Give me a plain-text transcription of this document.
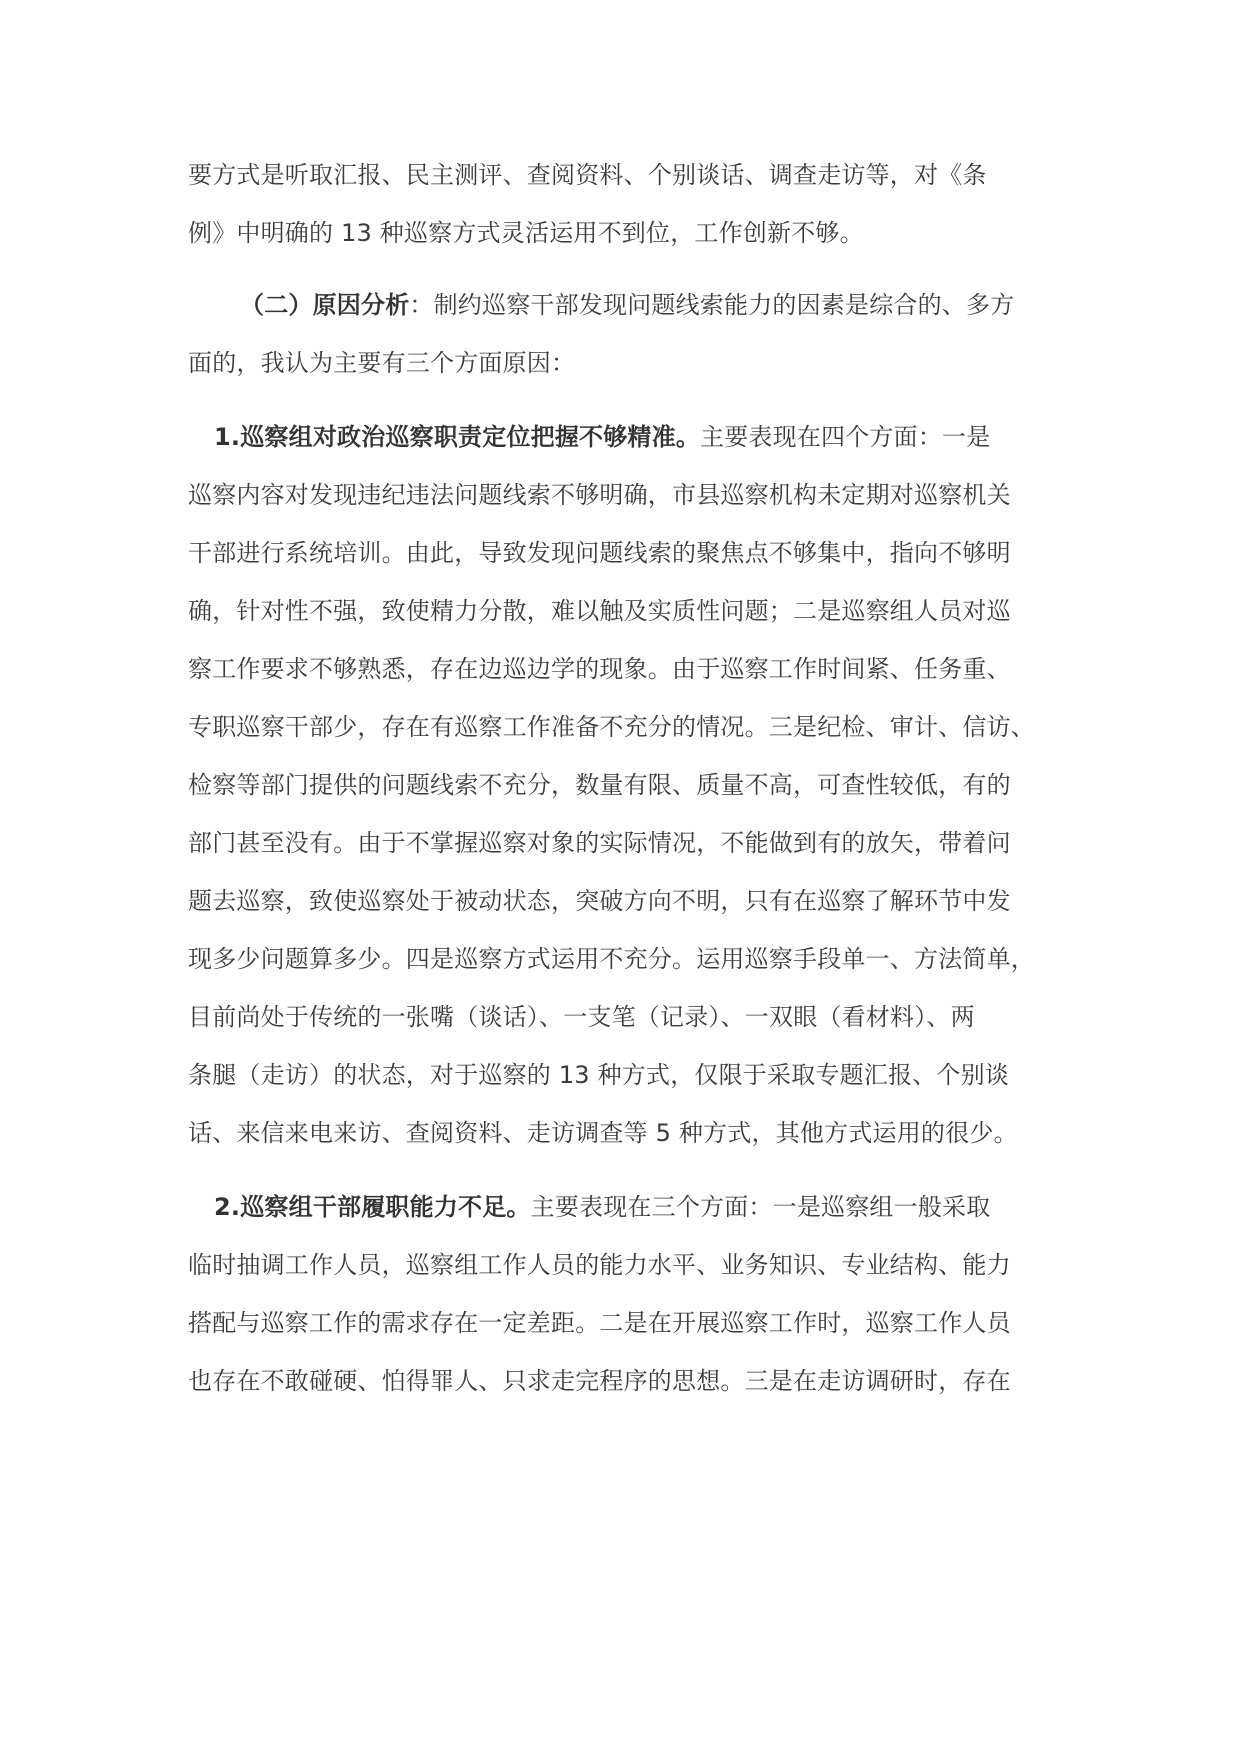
要方式是听取汇报、民主测评、查阅资料、个别谈话、调查走访等，对《条
例》中明确的 13 种巡察方式灵活运用不到位，工作创新不够。
（二）原因分析：制约巡察干部发现问题线索能力的因素是综合的、多方
面的，我认为主要有三个方面原因：
1.巡察组对政治巡察职责定位把握不够精准。主要表现在四个方面：一是
巡察内容对发现违纪违法问题线索不够明确，市县巡察机构未定期对巡察机关
干部进行系统培训。由此，导致发现问题线索的聚焦点不够集中，指向不够明
确，针对性不强，致使精力分散，难以触及实质性问题；二是巡察组人员对巡
察工作要求不够熟悉，存在边巡边学的现象。由于巡察工作时间紧、任务重、
专职巡察干部少，存在有巡察工作准备不充分的情况。三是纪检、审计、信访、
检察等部门提供的问题线索不充分，数量有限、质量不高，可查性较低，有的
部门甚至没有。由于不掌握巡察对象的实际情况，不能做到有的放矢，带着问
题去巡察，致使巡察处于被动状态，突破方向不明，只有在巡察了解环节中发
现多少问题算多少。四是巡察方式运用不充分。运用巡察手段单一、方法简单，
目前尚处于传统的一张嘴（谈话）、一支笔（记录）、一双眼（看材料）、两
条腿（走访）的状态，对于巡察的 13 种方式，仅限于采取专题汇报、个别谈
话、来信来电来访、查阅资料、走访调查等 5 种方式，其他方式运用的很少。
2.巡察组干部履职能力不足。主要表现在三个方面：一是巡察组一般采取
临时抽调工作人员，巡察组工作人员的能力水平、业务知识、专业结构、能力
搭配与巡察工作的需求存在一定差距。二是在开展巡察工作时，巡察工作人员
也存在不敢碰硬、怕得罪人、只求走完程序的思想。三是在走访调研时，存在
